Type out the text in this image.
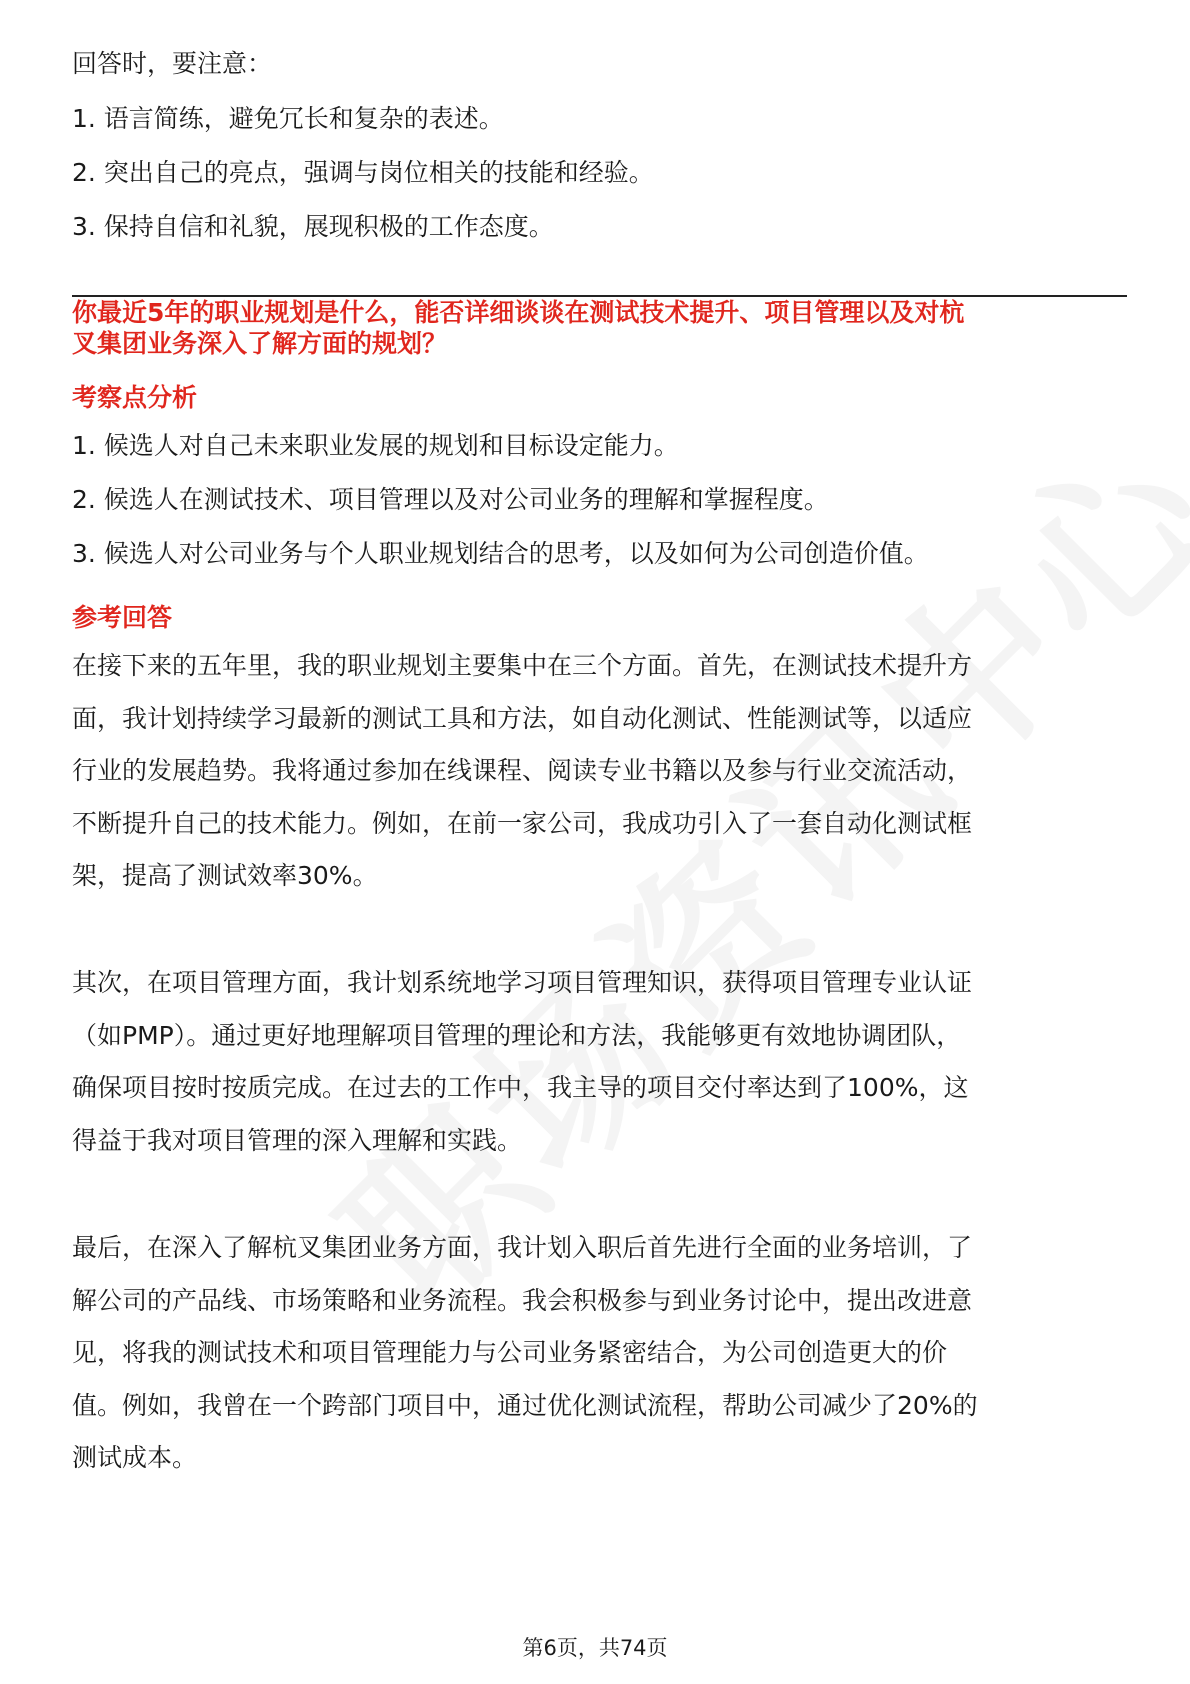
回答时，要注意：

1. 语言简练，避免冗长和复杂的表述。

2. 突出自己的亮点，强调与岗位相关的技能和经验。

3. 保持自信和礼貌，展现积极的工作态度。

你最近5年的职业规划是什么，能否详细谈谈在测试技术提升、项目管理以及对杭

叉集团业务深入了解方面的规划？

考察点分析

1. 候选人对自己未来职业发展的规划和目标设定能力。

2. 候选人在测试技术、项目管理以及对公司业务的理解和掌握程度。

3. 候选人对公司业务与个人职业规划结合的思考，以及如何为公司创造价值。

参考回答

在接下来的五年里，我的职业规划主要集中在三个方面。首先，在测试技术提升方
面，我计划持续学习最新的测试工具和方法，如自动化测试、性能测试等，以适应
行业的发展趋势。我将通过参加在线课程、阅读专业书籍以及参与行业交流活动，
不断提升自己的技术能力。例如，在前一家公司，我成功引入了一套自动化测试框
架，提高了测试效率30%。
其次，在项目管理方面，我计划系统地学习项目管理知识，获得项目管理专业认证
（如PMP）。通过更好地理解项目管理的理论和方法，我能够更有效地协调团队，
确保项目按时按质完成。在过去的工作中，我主导的项目交付率达到了100%，这
得益于我对项目管理的深入理解和实践。
最后，在深入了解杭叉集团业务方面，我计划入职后首先进行全面的业务培训，了
解公司的产品线、市场策略和业务流程。我会积极参与到业务讨论中，提出改进意
见，将我的测试技术和项目管理能力与公司业务紧密结合，为公司创造更大的价
值。例如，我曾在一个跨部门项目中，通过优化测试流程，帮助公司减少了20%的
测试成本。
第6页，共74页
